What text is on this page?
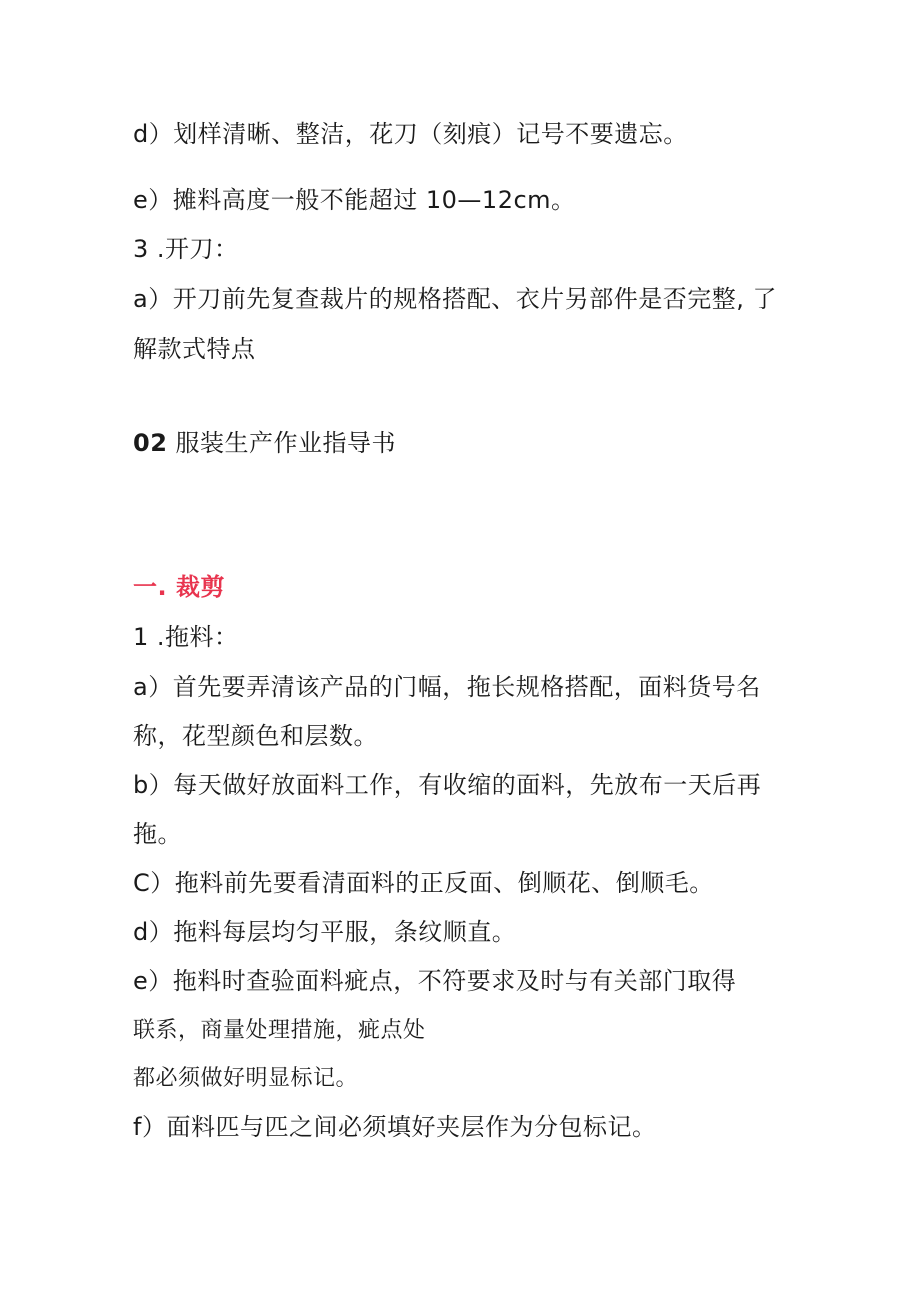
d）划样清晰、整洁，花刀（刻痕）记号不要遗忘。
e）摊料高度一般不能超过 10—12cm。
3 .开刀：
a）开刀前先复查裁片的规格搭配、衣片另部件是否完整, 了
解款式特点
02 服装生产作业指导书
一. 裁剪
1 .拖料：
a）首先要弄清该产品的门幅，拖长规格搭配，面料货号名
称，花型颜色和层数。
b）每天做好放面料工作，有收缩的面料，先放布一天后再
拖。
C）拖料前先要看清面料的正反面、倒顺花、倒顺毛。
d）拖料每层均匀平服，条纹顺直。
e）拖料时查验面料疵点，不符要求及时与有关部门取得
联系，商量处理措施，疵点处
都必须做好明显标记。
f）面料匹与匹之间必须填好夹层作为分包标记。
